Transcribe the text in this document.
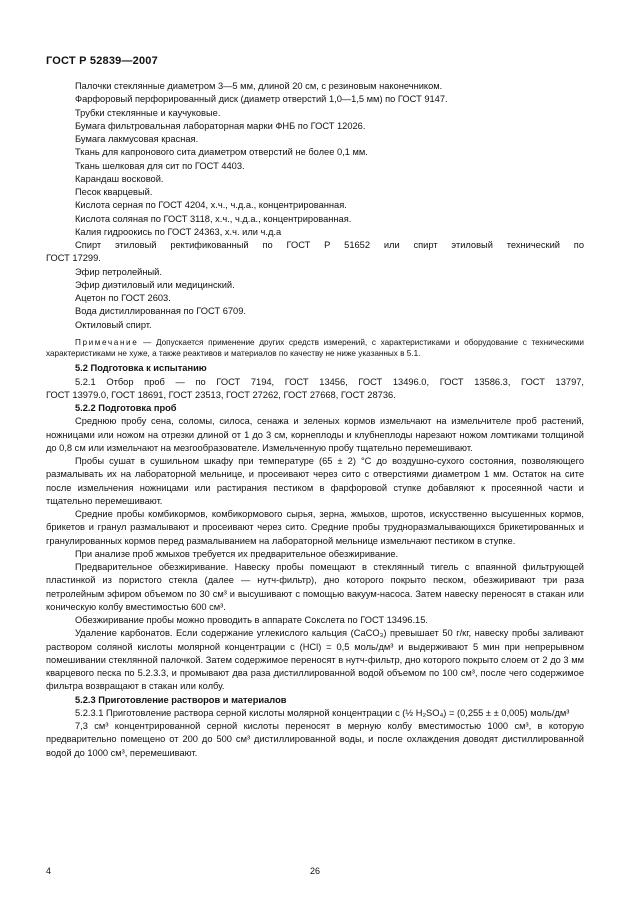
ГОСТ Р 52839—2007
Палочки стеклянные диаметром 3—5 мм, длиной 20 см, с резиновым наконечником.
Фарфоровый перфорированный диск (диаметр отверстий 1,0—1,5 мм) по ГОСТ 9147.
Трубки стеклянные и каучуковые.
Бумага фильтровальная лабораторная марки ФНБ по ГОСТ 12026.
Бумага лакмусовая красная.
Ткань для капронового сита диаметром отверстий не более 0,1 мм.
Ткань шелковая для сит по ГОСТ 4403.
Карандаш восковой.
Песок кварцевый.
Кислота серная по ГОСТ 4204, х.ч., ч.д.а., концентрированная.
Кислота соляная по ГОСТ 3118, х.ч., ч.д.а., концентрированная.
Калия гидроокись по ГОСТ 24363, х.ч. или ч.д.а
Спирт этиловый ректификованный по ГОСТ Р 51652 или спирт этиловый технический по
ГОСТ 17299.
Эфир петролейный.
Эфир диэтиловый или медицинский.
Ацетон по ГОСТ 2603.
Вода дистиллированная по ГОСТ 6709.
Октиловый спирт.
Примечание — Допускается применение других средств измерений, с характеристиками и оборудование с техническими характеристиками не хуже, а также реактивов и материалов по качеству не ниже указанных в 5.1.
5.2 Подготовка к испытанию
5.2.1 Отбор проб — по ГОСТ 7194, ГОСТ 13456, ГОСТ 13496.0, ГОСТ 13586.3, ГОСТ 13797,
ГОСТ 13979.0, ГОСТ 18691, ГОСТ 23513, ГОСТ 27262, ГОСТ 27668, ГОСТ 28736.
5.2.2 Подготовка проб
Среднюю пробу сена, соломы, силоса, сенажа и зеленых кормов измельчают на измельчителе проб растений, ножницами или ножом на отрезки длиной от 1 до 3 см, корнеплоды и клубнеплоды нарезают ножом ломтиками толщиной до 0,8 см или измельчают на мезгообразователе. Измельченную пробу тщательно перемешивают.
Пробы сушат в сушильном шкафу при температуре (65 ± 2) °С до воздушно-сухого состояния, позволяющего размалывать их на лабораторной мельнице, и просеивают через сито с отверстиями диаметром 1 мм. Остаток на сите после измельчения ножницами или растирания пестиком в фарфоровой ступке добавляют к просеянной части и тщательно перемешивают.
Средние пробы комбикормов, комбикормового сырья, зерна, жмыхов, шротов, искусственно высушенных кормов, брикетов и гранул размалывают и просеивают через сито. Средние пробы трудноразмалывающихся брикетированных и гранулированных кормов перед размалыванием на лабораторной мельнице измельчают пестиком в ступке.
При анализе проб жмыхов требуется их предварительное обезжиривание.
Предварительное обезжиривание. Навеску пробы помещают в стеклянный тигель с впаянной фильтрующей пластинкой из пористого стекла (далее — нутч-фильтр), дно которого покрыто песком, обезжиривают три раза петролейным эфиром объемом по 30 см³ и высушивают с помощью вакуум-насоса. Затем навеску переносят в стакан или коническую колбу вместимостью 600 см³.
Обезжиривание пробы можно проводить в аппарате Сокслета по ГОСТ 13496.15.
Удаление карбонатов. Если содержание углекислого кальция (CaCO₃) превышает 50 г/кг, навеску пробы заливают раствором соляной кислоты молярной концентрации c (HCl) = 0,5 моль/дм³ и выдерживают 5 мин при непрерывном помешивании стеклянной палочкой. Затем содержимое переносят в нутч-фильтр, дно которого покрыто слоем от 2 до 3 мм кварцевого песка по 5.2.3.3, и промывают два раза дистиллированной водой объемом по 100 см³, после чего содержимое фильтра возвращают в стакан или колбу.
5.2.3 Приготовление растворов и материалов
5.2.3.1 Приготовление раствора серной кислоты молярной концентрации c (½ H₂SO₄) = (0,255 ± ± 0,005) моль/дм³
7,3 см³ концентрированной серной кислоты переносят в мерную колбу вместимостью 1000 см³, в которую предварительно помещено от 200 до 500 см³ дистиллированной воды, и после охлаждения доводят дистиллированной водой до 1000 см³, перемешивают.
4	26
